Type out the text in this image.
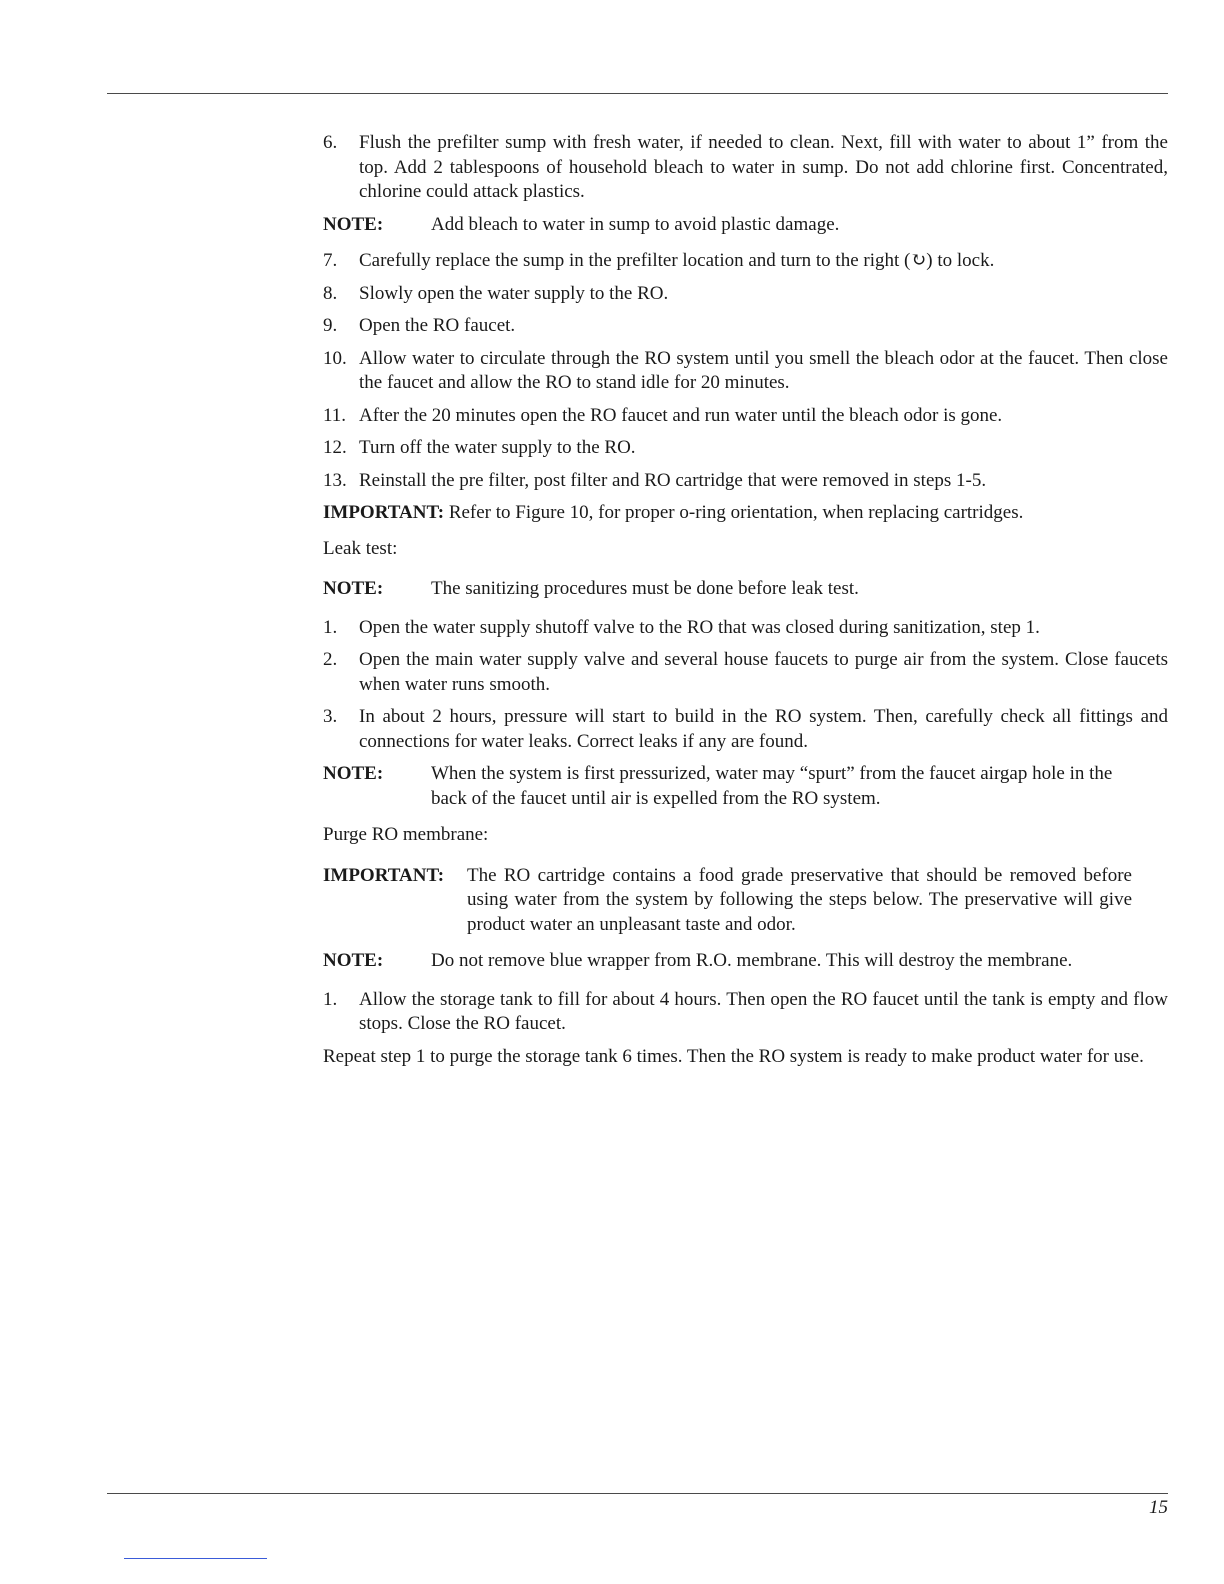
6. Flush the prefilter sump with fresh water, if needed to clean. Next, fill with water to about 1” from the top. Add 2 tablespoons of household bleach to water in sump. Do not add chlorine first. Concentrated, chlorine could attack plastics.
NOTE:	Add bleach to water in sump to avoid plastic damage.
7. Carefully replace the sump in the prefilter location and turn to the right (↻) to lock.
8. Slowly open the water supply to the RO.
9. Open the RO faucet.
10. Allow water to circulate through the RO system until you smell the bleach odor at the faucet. Then close the faucet and allow the RO to stand idle for 20 minutes.
11. After the 20 minutes open the RO faucet and run water until the bleach odor is gone.
12. Turn off the water supply to the RO.
13. Reinstall the pre filter, post filter and RO cartridge that were removed in steps 1-5.
IMPORTANT: Refer to Figure 10, for proper o-ring orientation, when replacing cartridges.
Leak test:
NOTE:	The sanitizing procedures must be done before leak test.
1. Open the water supply shutoff valve to the RO that was closed during sanitization, step 1.
2. Open the main water supply valve and several house faucets to purge air from the system. Close faucets when water runs smooth.
3. In about 2 hours, pressure will start to build in the RO system. Then, carefully check all fittings and connections for water leaks. Correct leaks if any are found.
NOTE:	When the system is first pressurized, water may “spurt” from the faucet airgap hole in the back of the faucet until air is expelled from the RO system.
Purge RO membrane:
IMPORTANT:	The RO cartridge contains a food grade preservative that should be removed before using water from the system by following the steps below. The preservative will give product water an unpleasant taste and odor.
NOTE:	Do not remove blue wrapper from R.O. membrane. This will destroy the membrane.
1. Allow the storage tank to fill for about 4 hours. Then open the RO faucet until the tank is empty and flow stops. Close the RO faucet.
Repeat step 1 to purge the storage tank 6 times. Then the RO system is ready to make product water for use.
15
